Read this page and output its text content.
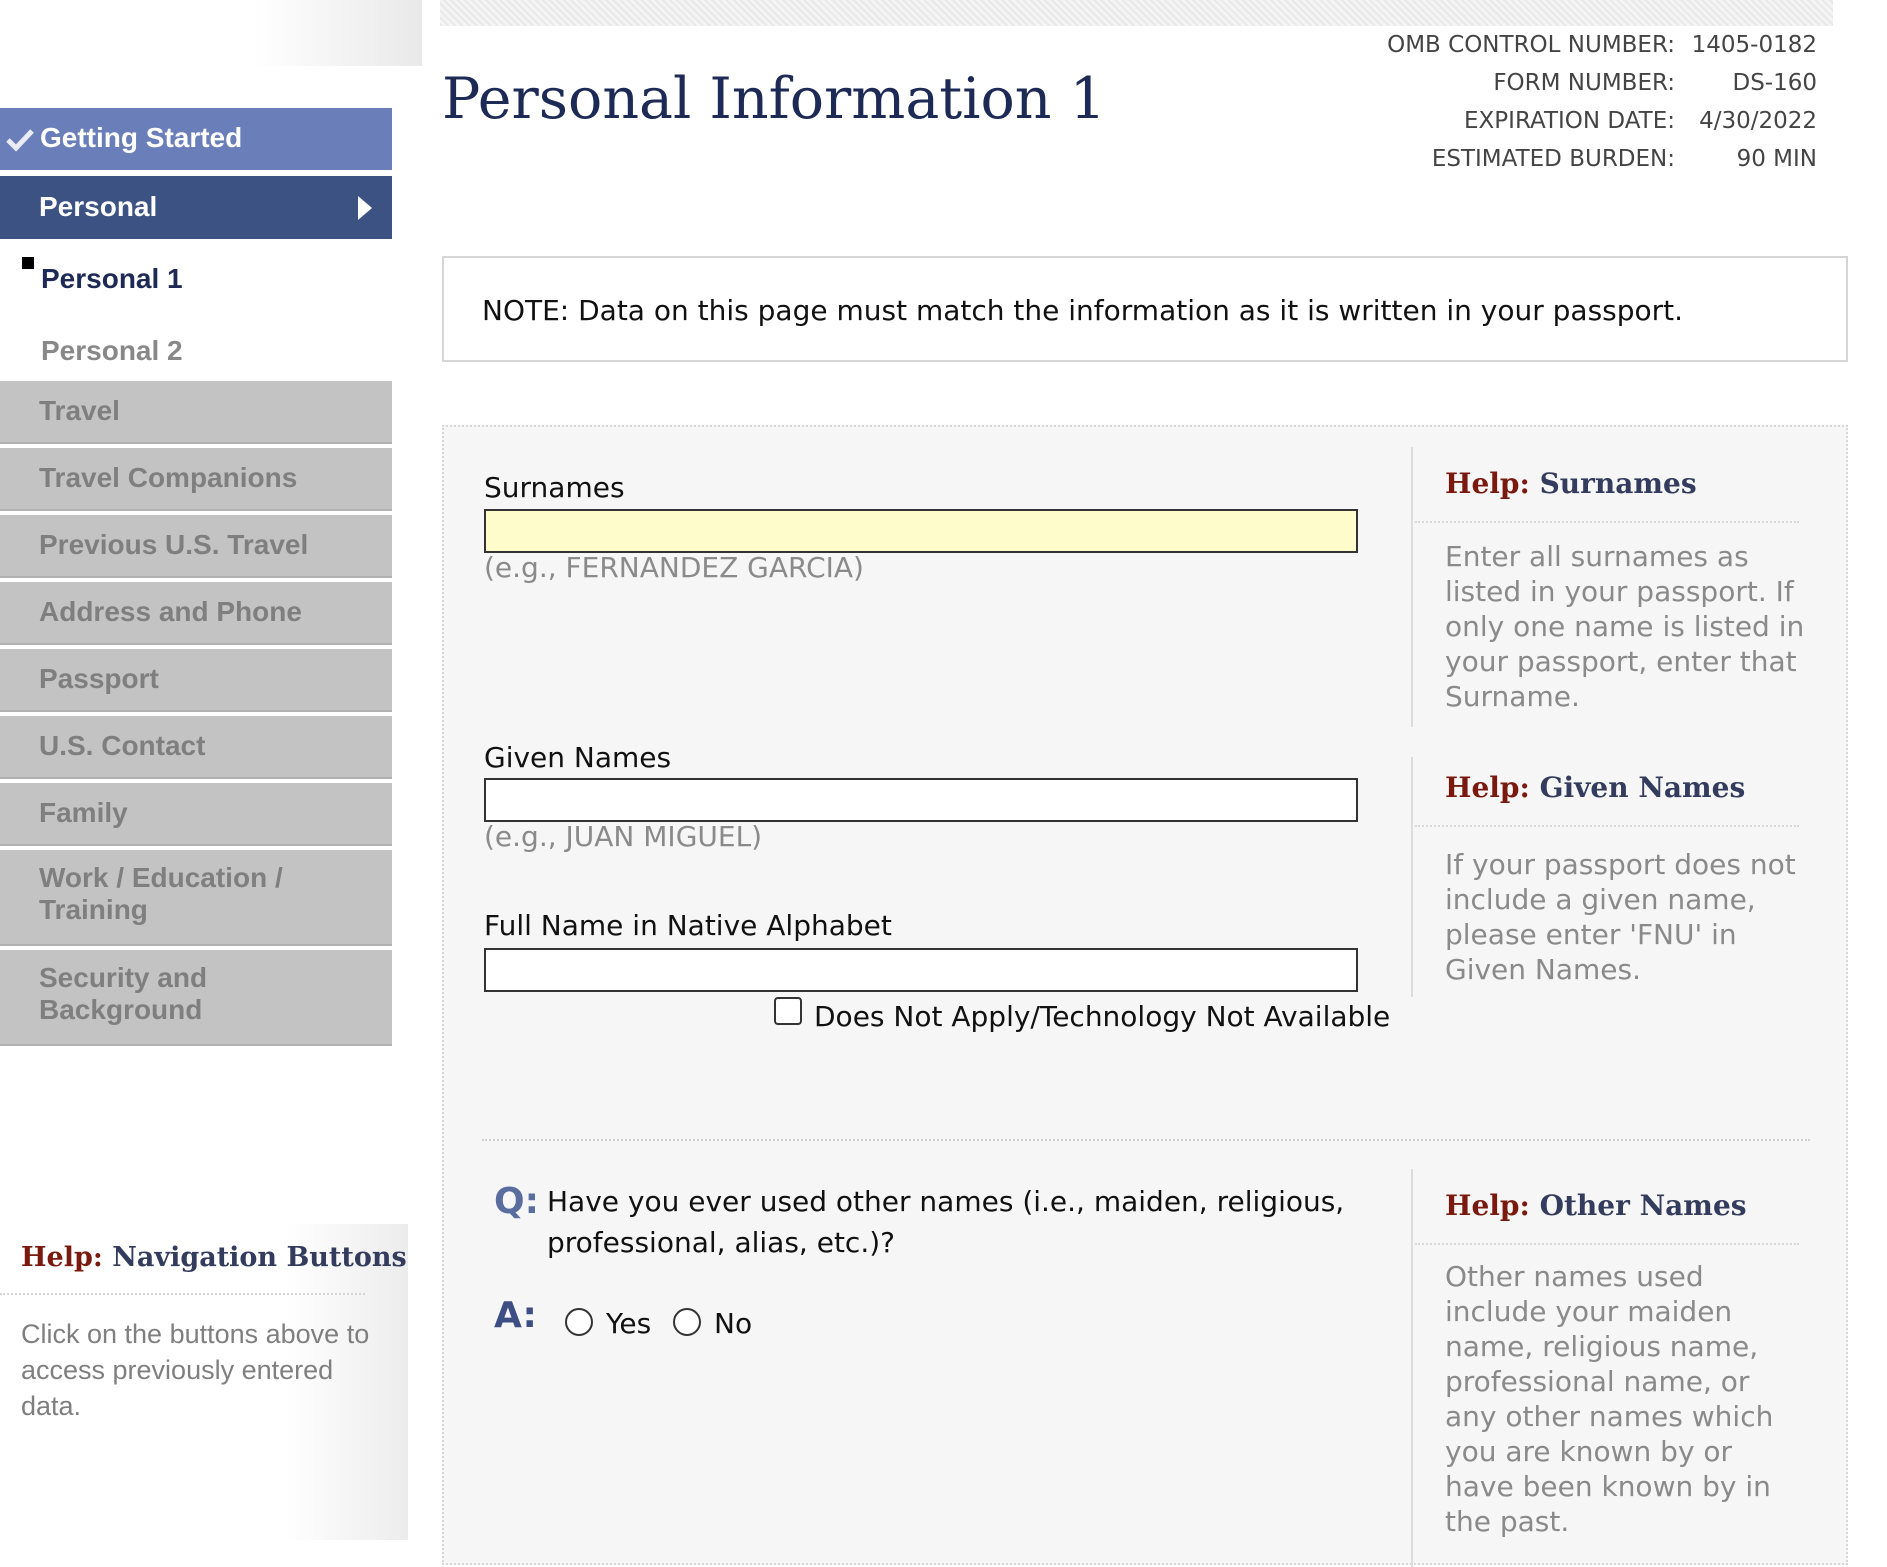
Getting Started
Personal
Personal 1
Personal 2
Travel
Travel Companions
Previous U.S. Travel
Address and Phone
Passport
U.S. Contact
Family
Work / Education / Training
Security and Background
Help: Navigation Buttons
Click on the buttons above to access previously entered data.
Personal Information 1
OMB CONTROL NUMBER: 1405-0182
FORM NUMBER:	DS-160
EXPIRATION DATE:	4/30/2022
ESTIMATED BURDEN:	90 MIN
NOTE: Data on this page must match the information as it is written in your passport.
Surnames
(e.g., FERNANDEZ GARCIA)
Given Names
(e.g., JUAN MIGUEL)
Full Name in Native Alphabet
Does Not Apply/Technology Not Available
Q: Have you ever used other names (i.e., maiden, religious, professional, alias, etc.)?
A: Yes No
Help: Surnames
Enter all surnames as listed in your passport. If only one name is listed in your passport, enter that Surname.
Help: Given Names
If your passport does not include a given name, please enter 'FNU' in Given Names.
Help: Other Names
Other names used include your maiden name, religious name, professional name, or any other names which you are known by or have been known by in the past.
